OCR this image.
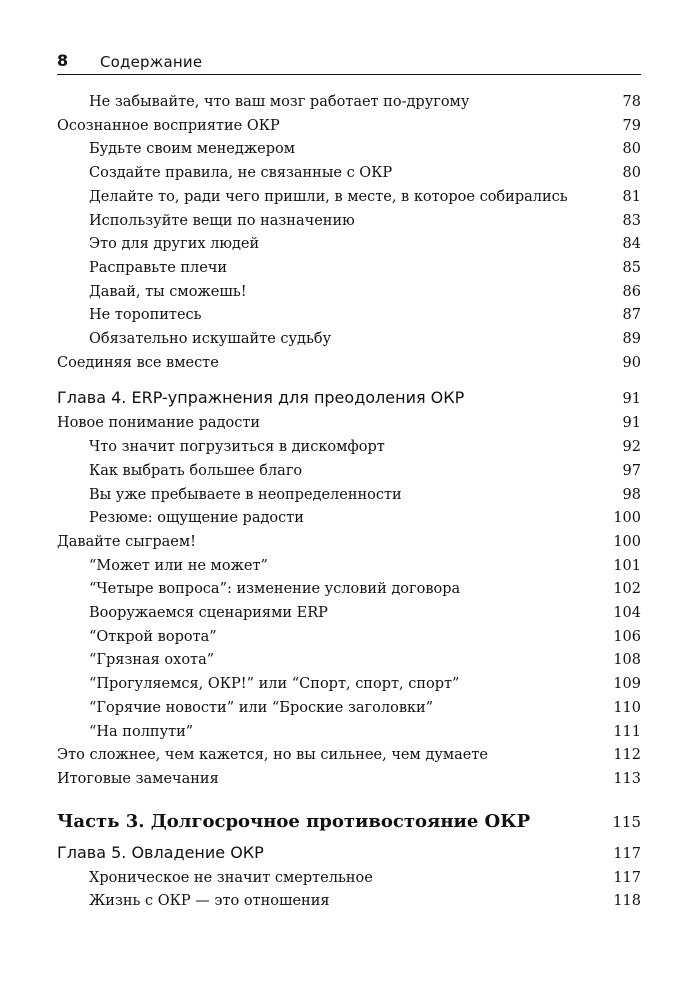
8 Содержание
Не забывайте, что ваш мозг работает по-другому	78
Осознанное восприятие ОКР	79
Будьте своим менеджером	80
Создайте правила, не связанные с ОКР	80
Делайте то, ради чего пришли, в месте, в которое собирались	81
Используйте вещи по назначению	83
Это для других людей	84
Расправьте плечи	85
Давай, ты сможешь!	86
Не торопитесь	87
Обязательно искушайте судьбу	89
Соединяя все вместе	90
Глава 4. ERP-упражнения для преодоления ОКР	91
Новое понимание радости	91
Что значит погрузиться в дискомфорт	92
Как выбрать большее благо	97
Вы уже пребываете в неопределенности	98
Резюме: ощущение радости	100
Давайте сыграем!	100
“Может или не может”	101
“Четыре вопроса”: изменение условий договора	102
Вооружаемся сценариями ERP	104
“Открой ворота”	106
“Грязная охота”	108
“Прогуляемся, ОКР!” или “Спорт, спорт, спорт”	109
“Горячие новости” или “Броские заголовки”	110
“На полпути”	111
Это сложнее, чем кажется, но вы сильнее, чем думаете	112
Итоговые замечания	113
Часть 3. Долгосрочное противостояние ОКР	115
Глава 5. Овладение ОКР	117
Хроническое не значит смертельное	117
Жизнь с ОКР — это отношения	118
